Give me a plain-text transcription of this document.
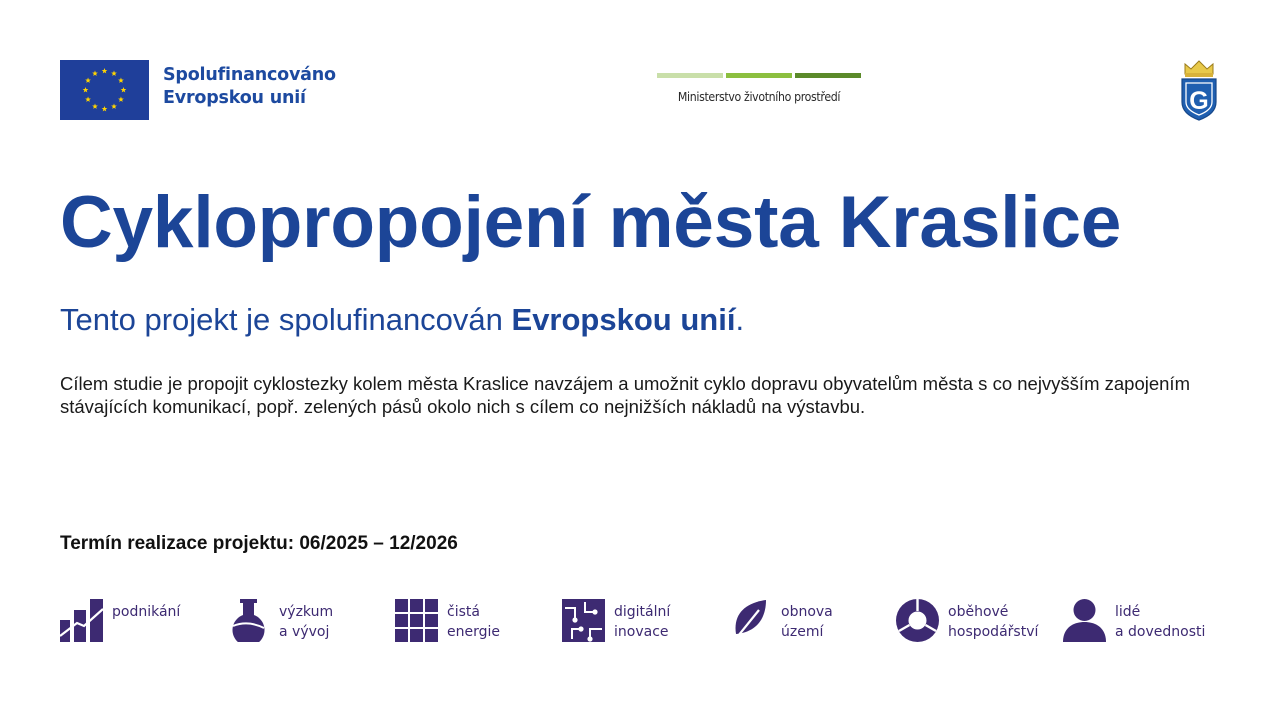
Spolufinancováno
Evropskou unií	Ministerstvo životního prostředí	G
Cyklopropojení města Kraslice
Tento projekt je spolufinancován Evropskou unií.
Cílem studie je propojit cyklostezky kolem města Kraslice navzájem a umožnit cyklo dopravu obyvatelům města s co nejvyšším zapojením stávajících komunikací, popř. zelených pásů okolo nich s cílem co nejnižších nákladů na výstavbu.
Termín realizace projektu: 06/2025 – 12/2026
podnikání	výzkum
a vývoj
čistá
energie
digitální
inovace
obnova
území
oběhové
hospodářství
lidé
a dovednosti
